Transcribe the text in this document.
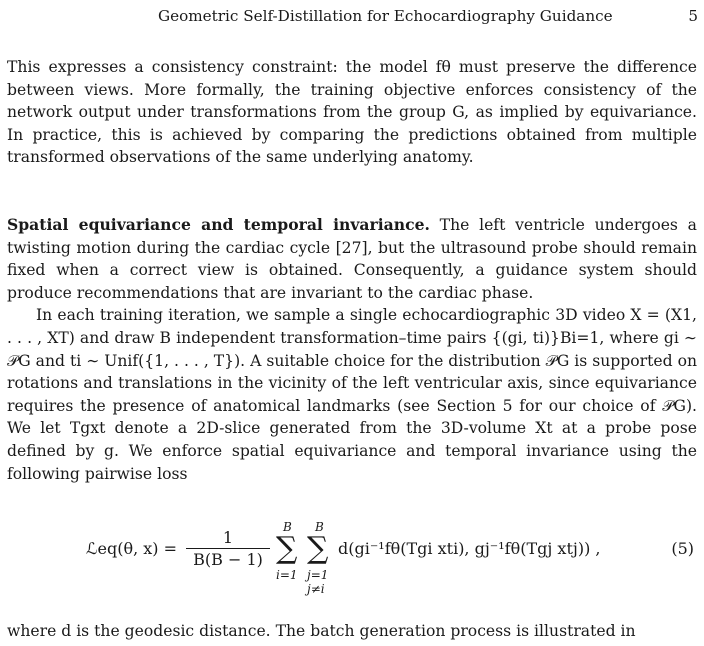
Geometric Self-Distillation for Echocardiography Guidance	5

This expresses a consistency constraint: the model fθ must preserve the difference between views. More formally, the training objective enforces consistency of the network output under transformations from the group G, as implied by equivariance. In practice, this is achieved by comparing the predictions obtained from multiple transformed observations of the same underlying anatomy.

Spatial equivariance and temporal invariance. The left ventricle undergoes a twisting motion during the cardiac cycle [27], but the ultrasound probe should remain fixed when a correct view is obtained. Consequently, a guidance system should produce recommendations that are invariant to the cardiac phase.

In each training iteration, we sample a single echocardiographic 3D video X = (X1, . . . , XT) and draw B independent transformation–time pairs {(gi, ti)}Bi=1, where gi ∼ 𝒫G and ti ∼ Unif({1, . . . , T}). A suitable choice for the distribution 𝒫G is supported on rotations and translations in the vicinity of the left ventricular axis, since equivariance requires the presence of anatomical landmarks (see Section 5 for our choice of 𝒫G). We let Tgxt denote a 2D-slice generated from the 3D-volume Xt at a probe pose defined by g. We enforce spatial equivariance and temporal invariance using the following pairwise loss

ℒeq(θ, $x) = \frac{1}{B(B - 1)}$
B
∑
i=1
B
∑
j=1
j≠i
d(gi⁻¹fθ(Tgi xti), gj⁻¹fθ(Tgj xtj)) ,	(5)

where d is the geodesic distance. The batch generation process is illustrated in
